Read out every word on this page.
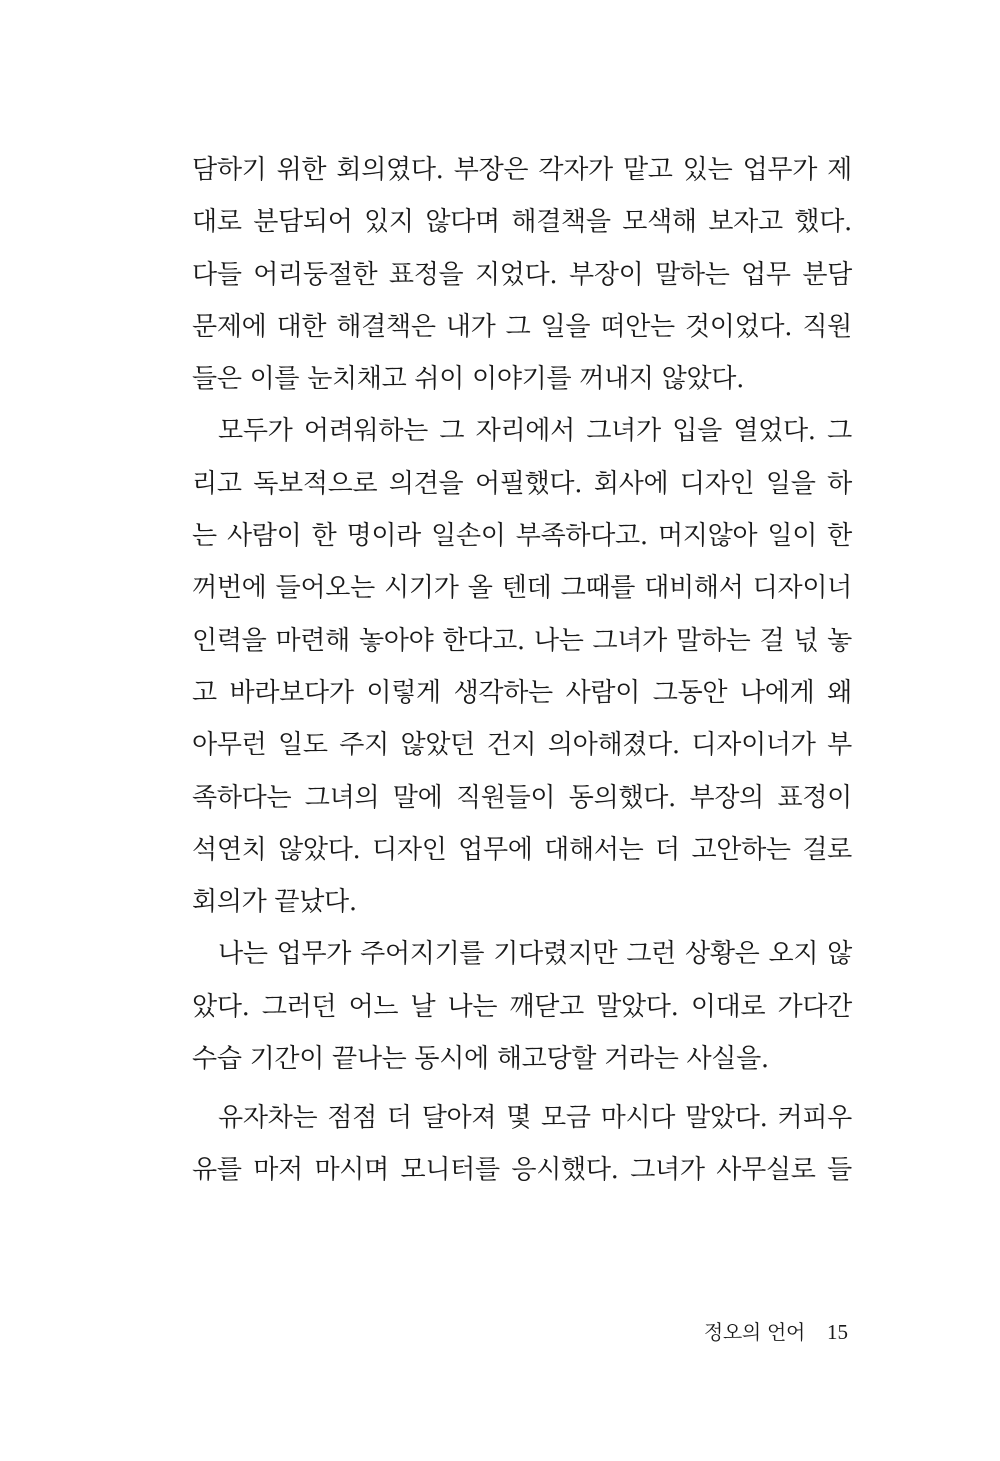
담하기 위한 회의였다. 부장은 각자가 맡고 있는 업무가 제
대로 분담되어 있지 않다며 해결책을 모색해 보자고 했다.
다들 어리둥절한 표정을 지었다. 부장이 말하는 업무 분담
문제에 대한 해결책은 내가 그 일을 떠안는 것이었다. 직원
들은 이를 눈치채고 쉬이 이야기를 꺼내지 않았다.

모두가 어려워하는 그 자리에서 그녀가 입을 열었다. 그
리고 독보적으로 의견을 어필했다. 회사에 디자인 일을 하
는 사람이 한 명이라 일손이 부족하다고. 머지않아 일이 한
꺼번에 들어오는 시기가 올 텐데 그때를 대비해서 디자이너
인력을 마련해 놓아야 한다고. 나는 그녀가 말하는 걸 넋 놓
고 바라보다가 이렇게 생각하는 사람이 그동안 나에게 왜
아무런 일도 주지 않았던 건지 의아해졌다. 디자이너가 부
족하다는 그녀의 말에 직원들이 동의했다. 부장의 표정이
석연치 않았다. 디자인 업무에 대해서는 더 고안하는 걸로
회의가 끝났다.

나는 업무가 주어지기를 기다렸지만 그런 상황은 오지 않
았다. 그러던 어느 날 나는 깨닫고 말았다. 이대로 가다간
수습 기간이 끝나는 동시에 해고당할 거라는 사실을.

유자차는 점점 더 달아져 몇 모금 마시다 말았다. 커피우
유를 마저 마시며 모니터를 응시했다. 그녀가 사무실로 들

정오의 언어 15
